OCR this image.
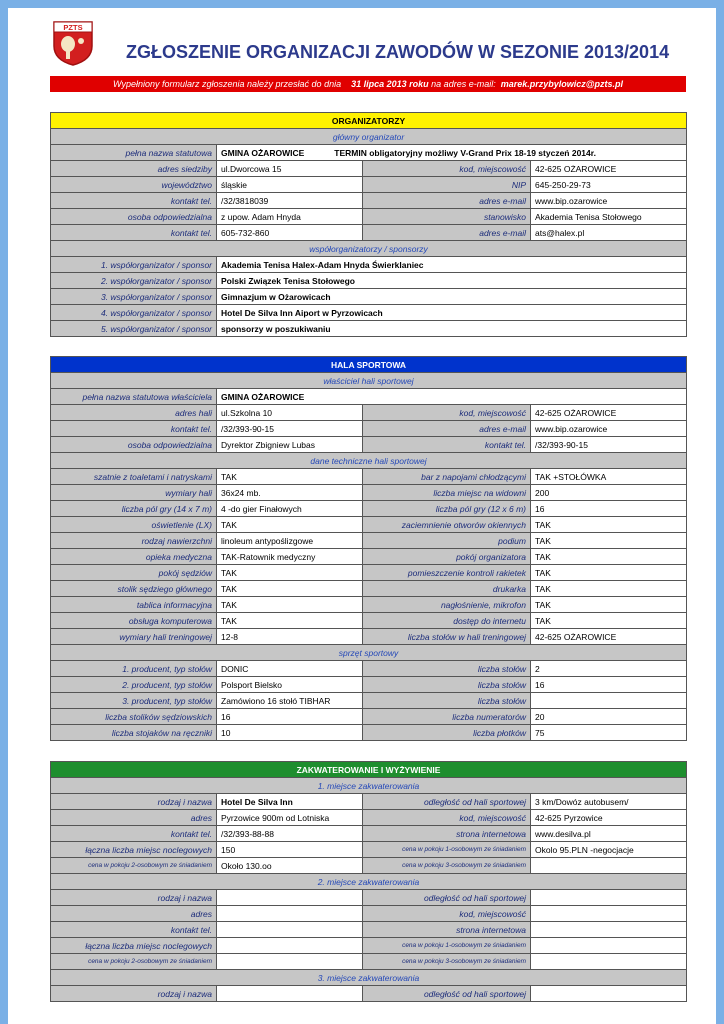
PZTS
ZGŁOSZENIE ORGANIZACJI ZAWODÓW W SEZONIE 2013/2014
Wypełniony formularz zgłoszenia należy przesłać do dnia 31 lipca 2013 roku na adres e-mail: marek.przybylowicz@pzts.pl
ORGANIZATORZY			
główny organizator			
pełna nazwa statutowa	GMINA OŻAROWICE TERMIN obligatoryjny możliwy V-Grand Prix 18-19 styczeń 2014r.		
adres siedziby	ul.Dworcowa 15	kod, miejscowość	42-625 OŻAROWICE
województwo	śląskie	NIP	645-250-29-73
kontakt tel.	/32/3818039	adres e-mail	www.bip.ozarowice
osoba odpowiedzialna	z upow. Adam Hnyda	stanowisko	Akademia Tenisa Stołowego
kontakt tel.	605-732-860	adres e-mail	ats@halex.pl
współorganizatorzy / sponsorzy			
1. współorganizator / sponsor	Akademia Tenisa Halex-Adam Hnyda Świerklaniec		
2. współorganizator / sponsor	Polski Związek Tenisa Stołowego		
3. współorganizator / sponsor	Gimnazjum w Ożarowicach		
4. współorganizator / sponsor	Hotel De Silva Inn Aiport w Pyrzowicach		
5. współorganizator / sponsor	sponsorzy w poszukiwaniu		
HALA SPORTOWA			
właściciel hali sportowej			
pełna nazwa statutowa właściciela	GMINA OŻAROWICE		
adres hali	ul.Szkolna 10	kod, miejscowość	42-625 OŻAROWICE
kontakt tel.	/32/393-90-15	adres e-mail	www.bip.ozarowice
osoba odpowiedzialna	Dyrektor Zbigniew Lubas	kontakt tel.	/32/393-90-15
dane techniczne hali sportowej			
szatnie z toaletami i natryskami	TAK	bar z napojami chłodzącymi	TAK +STOŁÓWKA
wymiary hali	36x24 mb.	liczba miejsc na widowni	200
liczba pól gry (14 x 7 m)	4 -do gier Finałowych	liczba pól gry (12 x 6 m)	16
oświetlenie (LX)	TAK	zaciemnienie otworów okiennych	TAK
rodzaj nawierzchni	linoleum antypoślizgowe	podium	TAK
opieka medyczna	TAK-Ratownik medyczny	pokój organizatora	TAK
pokój sędziów	TAK	pomieszczenie kontroli rakietek	TAK
stolik sędziego głównego	TAK	drukarka	TAK
tablica informacyjna	TAK	nagłośnienie, mikrofon	TAK
obsługa komputerowa	TAK	dostęp do internetu	TAK
wymiary hali treningowej	12-8	liczba stołów w hali treningowej	42-625 OŻAROWICE
sprzęt sportowy			
1. producent, typ stołów	DONIC	liczba stołów	2
2. producent, typ stołów	Polsport Bielsko	liczba stołów	16
3. producent, typ stołów	Zamówiono 16 stołó TIBHAR	liczba stołów	
liczba stolików sędziowskich	16	liczba numeratorów	20
liczba stojaków na ręczniki	10	liczba płotków	75
ZAKWATEROWANIE I WYŻYWIENIE			
1. miejsce zakwaterowania			
rodzaj i nazwa	Hotel De Silva Inn	odległość od hali sportowej	3 km/Dowóz autobusem/
adres	Pyrzowice 900m od Lotniska	kod, miejscowość	42-625 Pyrzowice
kontakt tel.	/32/393-88-88	strona internetowa	www.desilva.pl
łączna liczba miejsc noclegowych	150	cena w pokoju 1-osobowym ze śniadaniem	Okolo 95.PLN -negocjacje
cena w pokoju 2-osobowym ze śniadaniem	Około 130.oo	cena w pokoju 3-osobowym ze śniadaniem	
2. miejsce zakwaterowania			
rodzaj i nazwa		odległość od hali sportowej	
adres		kod, miejscowość	
kontakt tel.		strona internetowa	
łączna liczba miejsc noclegowych		cena w pokoju 1-osobowym ze śniadaniem	
cena w pokoju 2-osobowym ze śniadaniem		cena w pokoju 3-osobowym ze śniadaniem	
3. miejsce zakwaterowania			
rodzaj i nazwa		odległość od hali sportowej	
